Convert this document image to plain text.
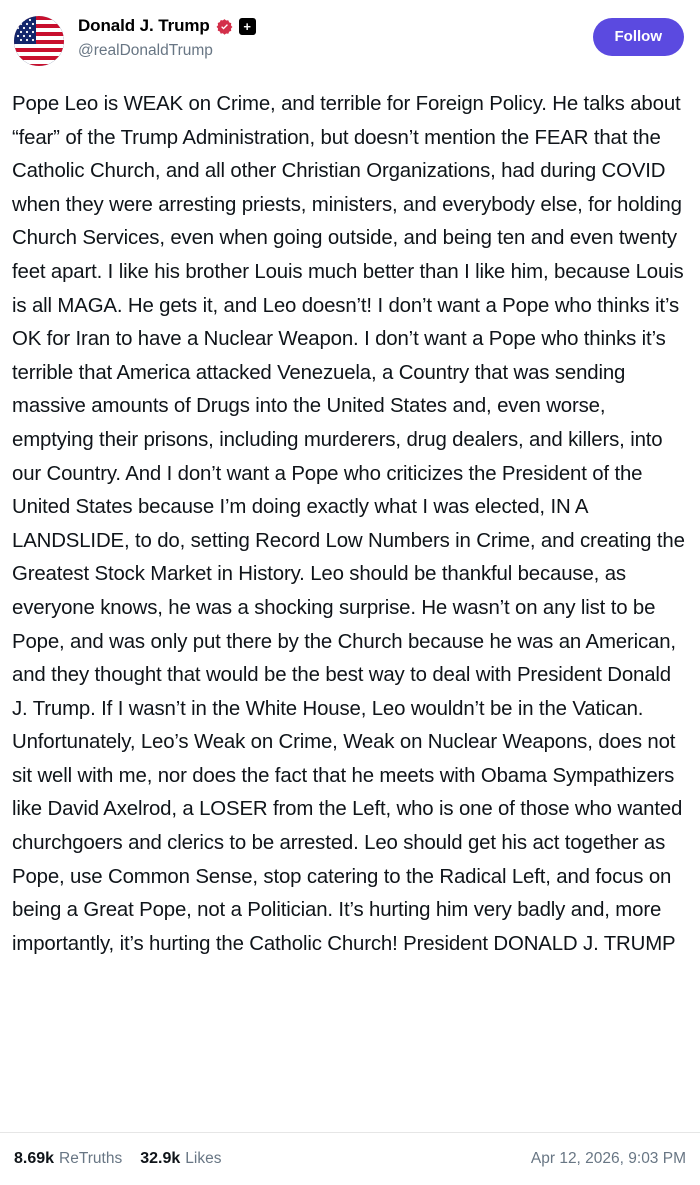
Donald J. Trump	+
@realDonaldTrump
Follow
Pope Leo is WEAK on Crime, and terrible for Foreign Policy. He talks about “fear” of the Trump Administration, but doesn’t mention the FEAR that the Catholic Church, and all other Christian Organizations, had during COVID when they were arresting priests, ministers, and everybody else, for holding Church Services, even when going outside, and being ten and even twenty feet apart. I like his brother Louis much better than I like him, because Louis is all MAGA. He gets it, and Leo doesn’t! I don’t want a Pope who thinks it’s OK for Iran to have a Nuclear Weapon. I don’t want a Pope who thinks it’s terrible that America attacked Venezuela, a Country that was sending massive amounts of Drugs into the United States and, even worse, emptying their prisons, including murderers, drug dealers, and killers, into our Country. And I don’t want a Pope who criticizes the President of the United States because I’m doing exactly what I was elected, IN A LANDSLIDE, to do, setting Record Low Numbers in Crime, and creating the Greatest Stock Market in History. Leo should be thankful because, as everyone knows, he was a shocking surprise. He wasn’t on any list to be Pope, and was only put there by the Church because he was an American, and they thought that would be the best way to deal with President Donald J. Trump. If I wasn’t in the White House, Leo wouldn’t be in the Vatican. Unfortunately, Leo’s Weak on Crime, Weak on Nuclear Weapons, does not sit well with me, nor does the fact that he meets with Obama Sympathizers like David Axelrod, a LOSER from the Left, who is one of those who wanted churchgoers and clerics to be arrested. Leo should get his act together as Pope, use Common Sense, stop catering to the Radical Left, and focus on being a Great Pope, not a Politician. It’s hurting him very badly and, more importantly, it’s hurting the Catholic Church! President DONALD J. TRUMP
8.69k ReTruths 32.9k Likes	Apr 12, 2026, 9:03 PM
